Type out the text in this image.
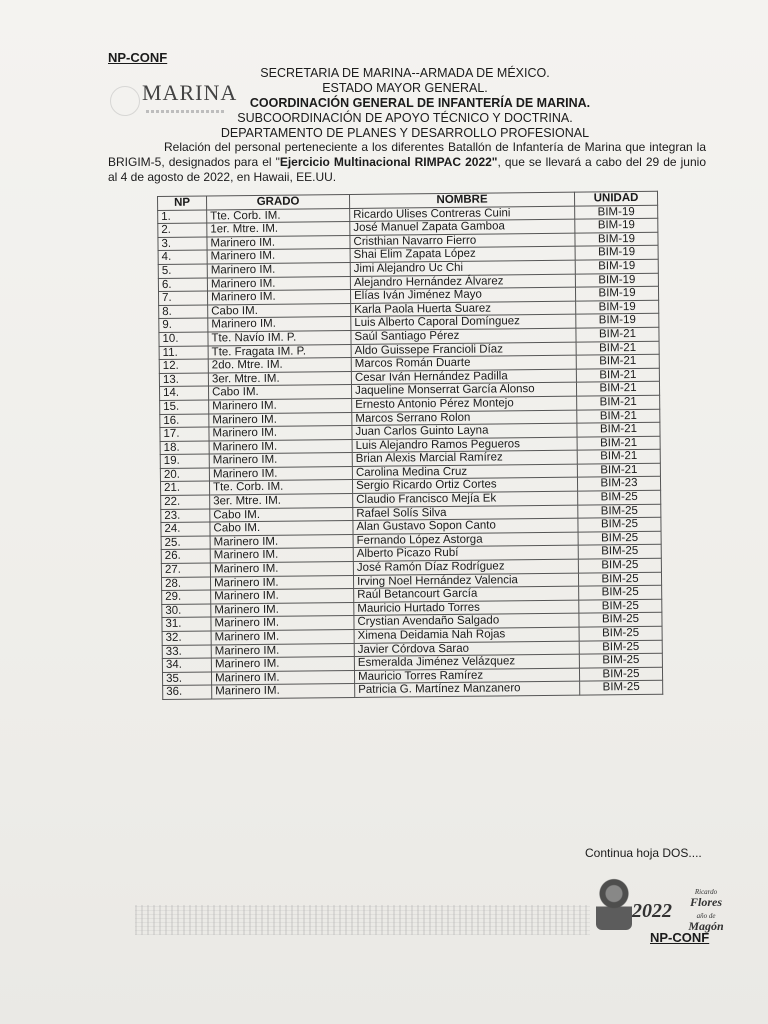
NP-CONF
MARINA
SECRETARIA DE MARINA--ARMADA DE MÉXICO.
ESTADO MAYOR GENERAL.
COORDINACIÓN GENERAL DE INFANTERÍA DE MARINA.
SUBCOORDINACIÓN DE APOYO TÉCNICO Y DOCTRINA.
DEPARTAMENTO DE PLANES Y DESARROLLO PROFESIONAL

Relación del personal perteneciente a los diferentes Batallón de Infantería de Marina que integran la BRIGIM-5, designados para el "Ejercicio Multinacional RIMPAC 2022", que se llevará a cabo del 29 de junio al 4 de agosto de 2022, en Hawaii, EE.UU.

NP	GRADO	NOMBRE	UNIDAD
1.	Tte. Corb. IM.	Ricardo Ulises Contreras Cuini	BIM-19
2.	1er. Mtre. IM.	José Manuel Zapata Gamboa	BIM-19
3.	Marinero IM.	Cristhian Navarro Fierro	BIM-19
4.	Marinero IM.	Shai Elim Zapata López	BIM-19
5.	Marinero IM.	Jimi Alejandro Uc Chi	BIM-19
6.	Marinero IM.	Alejandro Hernández Álvarez	BIM-19
7.	Marinero IM.	Elías Iván Jiménez Mayo	BIM-19
8.	Cabo IM.	Karla Paola Huerta Suarez	BIM-19
9.	Marinero IM.	Luis Alberto Caporal Domínguez	BIM-19
10.	Tte. Navío IM. P.	Saúl Santiago Pérez	BIM-21
11.	Tte. Fragata IM. P.	Aldo Guissepe Francioli Díaz	BIM-21
12.	2do. Mtre. IM.	Marcos Román Duarte	BIM-21
13.	3er. Mtre. IM.	Cesar Iván Hernández Padilla	BIM-21
14.	Cabo IM.	Jaqueline Monserrat García Alonso	BIM-21
15.	Marinero IM.	Ernesto Antonio Pérez Montejo	BIM-21
16.	Marinero IM.	Marcos Serrano Rolon	BIM-21
17.	Marinero IM.	Juan Carlos Guinto Layna	BIM-21
18.	Marinero IM.	Luis Alejandro Ramos Pegueros	BIM-21
19.	Marinero IM.	Brian Alexis Marcial Ramírez	BIM-21
20.	Marinero IM.	Carolina Medina Cruz	BIM-21
21.	Tte. Corb. IM.	Sergio Ricardo Ortiz Cortes	BIM-23
22.	3er. Mtre. IM.	Claudio Francisco Mejía Ek	BIM-25
23.	Cabo IM.	Rafael Solís Silva	BIM-25
24.	Cabo IM.	Alan Gustavo Sopon Canto	BIM-25
25.	Marinero IM.	Fernando López Astorga	BIM-25
26.	Marinero IM.	Alberto Picazo Rubí	BIM-25
27.	Marinero IM.	José Ramón Díaz Rodríguez	BIM-25
28.	Marinero IM.	Irving Noel Hernández Valencia	BIM-25
29.	Marinero IM.	Raúl Betancourt García	BIM-25
30.	Marinero IM.	Mauricio Hurtado Torres	BIM-25
31.	Marinero IM.	Crystian Avendaño Salgado	BIM-25
32.	Marinero IM.	Ximena Deidamia Nah Rojas	BIM-25
33.	Marinero IM.	Javier Córdova Sarao	BIM-25
34.	Marinero IM.	Esmeralda Jiménez Velázquez	BIM-25
35.	Marinero IM.	Mauricio Torres Ramírez	BIM-25
36.	Marinero IM.	Patricia G. Martínez Manzanero	BIM-25
Continua hoja DOS....
2022
Ricardo
Flores
año de Magón
NP-CONF
